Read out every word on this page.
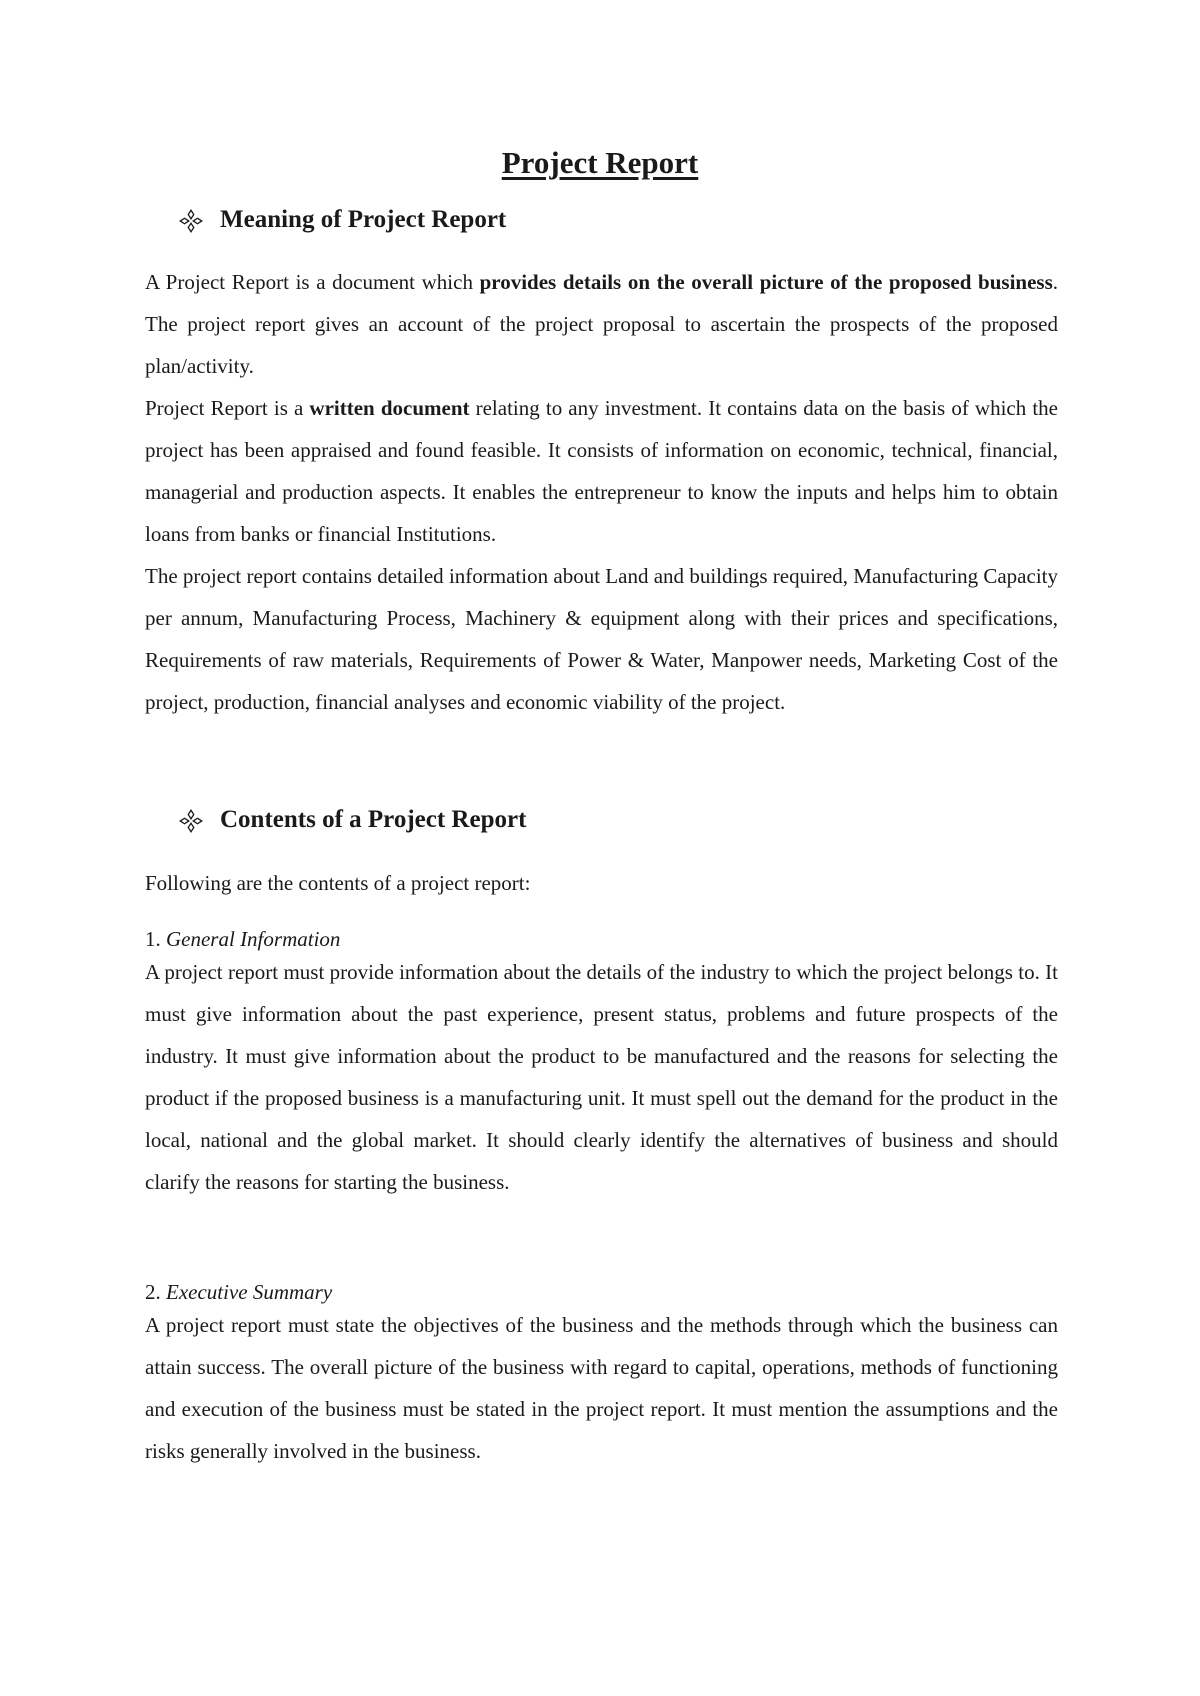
Project Report
Meaning of Project Report

A Project Report is a document which provides details on the overall picture of the proposed business. The project report gives an account of the project proposal to ascertain the prospects of the proposed plan/activity.

Project Report is a written document relating to any investment. It contains data on the basis of which the project has been appraised and found feasible. It consists of information on economic, technical, financial, managerial and production aspects. It enables the entrepreneur to know the inputs and helps him to obtain loans from banks or financial Institutions.

The project report contains detailed information about Land and buildings required, Manufacturing Capacity per annum, Manufacturing Process, Machinery & equipment along with their prices and specifications, Requirements of raw materials, Requirements of Power & Water, Manpower needs, Marketing Cost of the project, production, financial analyses and economic viability of the project.

Contents of a Project Report

Following are the contents of a project report:

1. General Information

A project report must provide information about the details of the industry to which the project belongs to. It must give information about the past experience, present status, problems and future prospects of the industry. It must give information about the product to be manufactured and the reasons for selecting the product if the proposed business is a manufacturing unit. It must spell out the demand for the product in the local, national and the global market. It should clearly identify the alternatives of business and should clarify the reasons for starting the business.

2. Executive Summary

A project report must state the objectives of the business and the methods through which the business can attain success. The overall picture of the business with regard to capital, operations, methods of functioning and execution of the business must be stated in the project report. It must mention the assumptions and the risks generally involved in the business.
